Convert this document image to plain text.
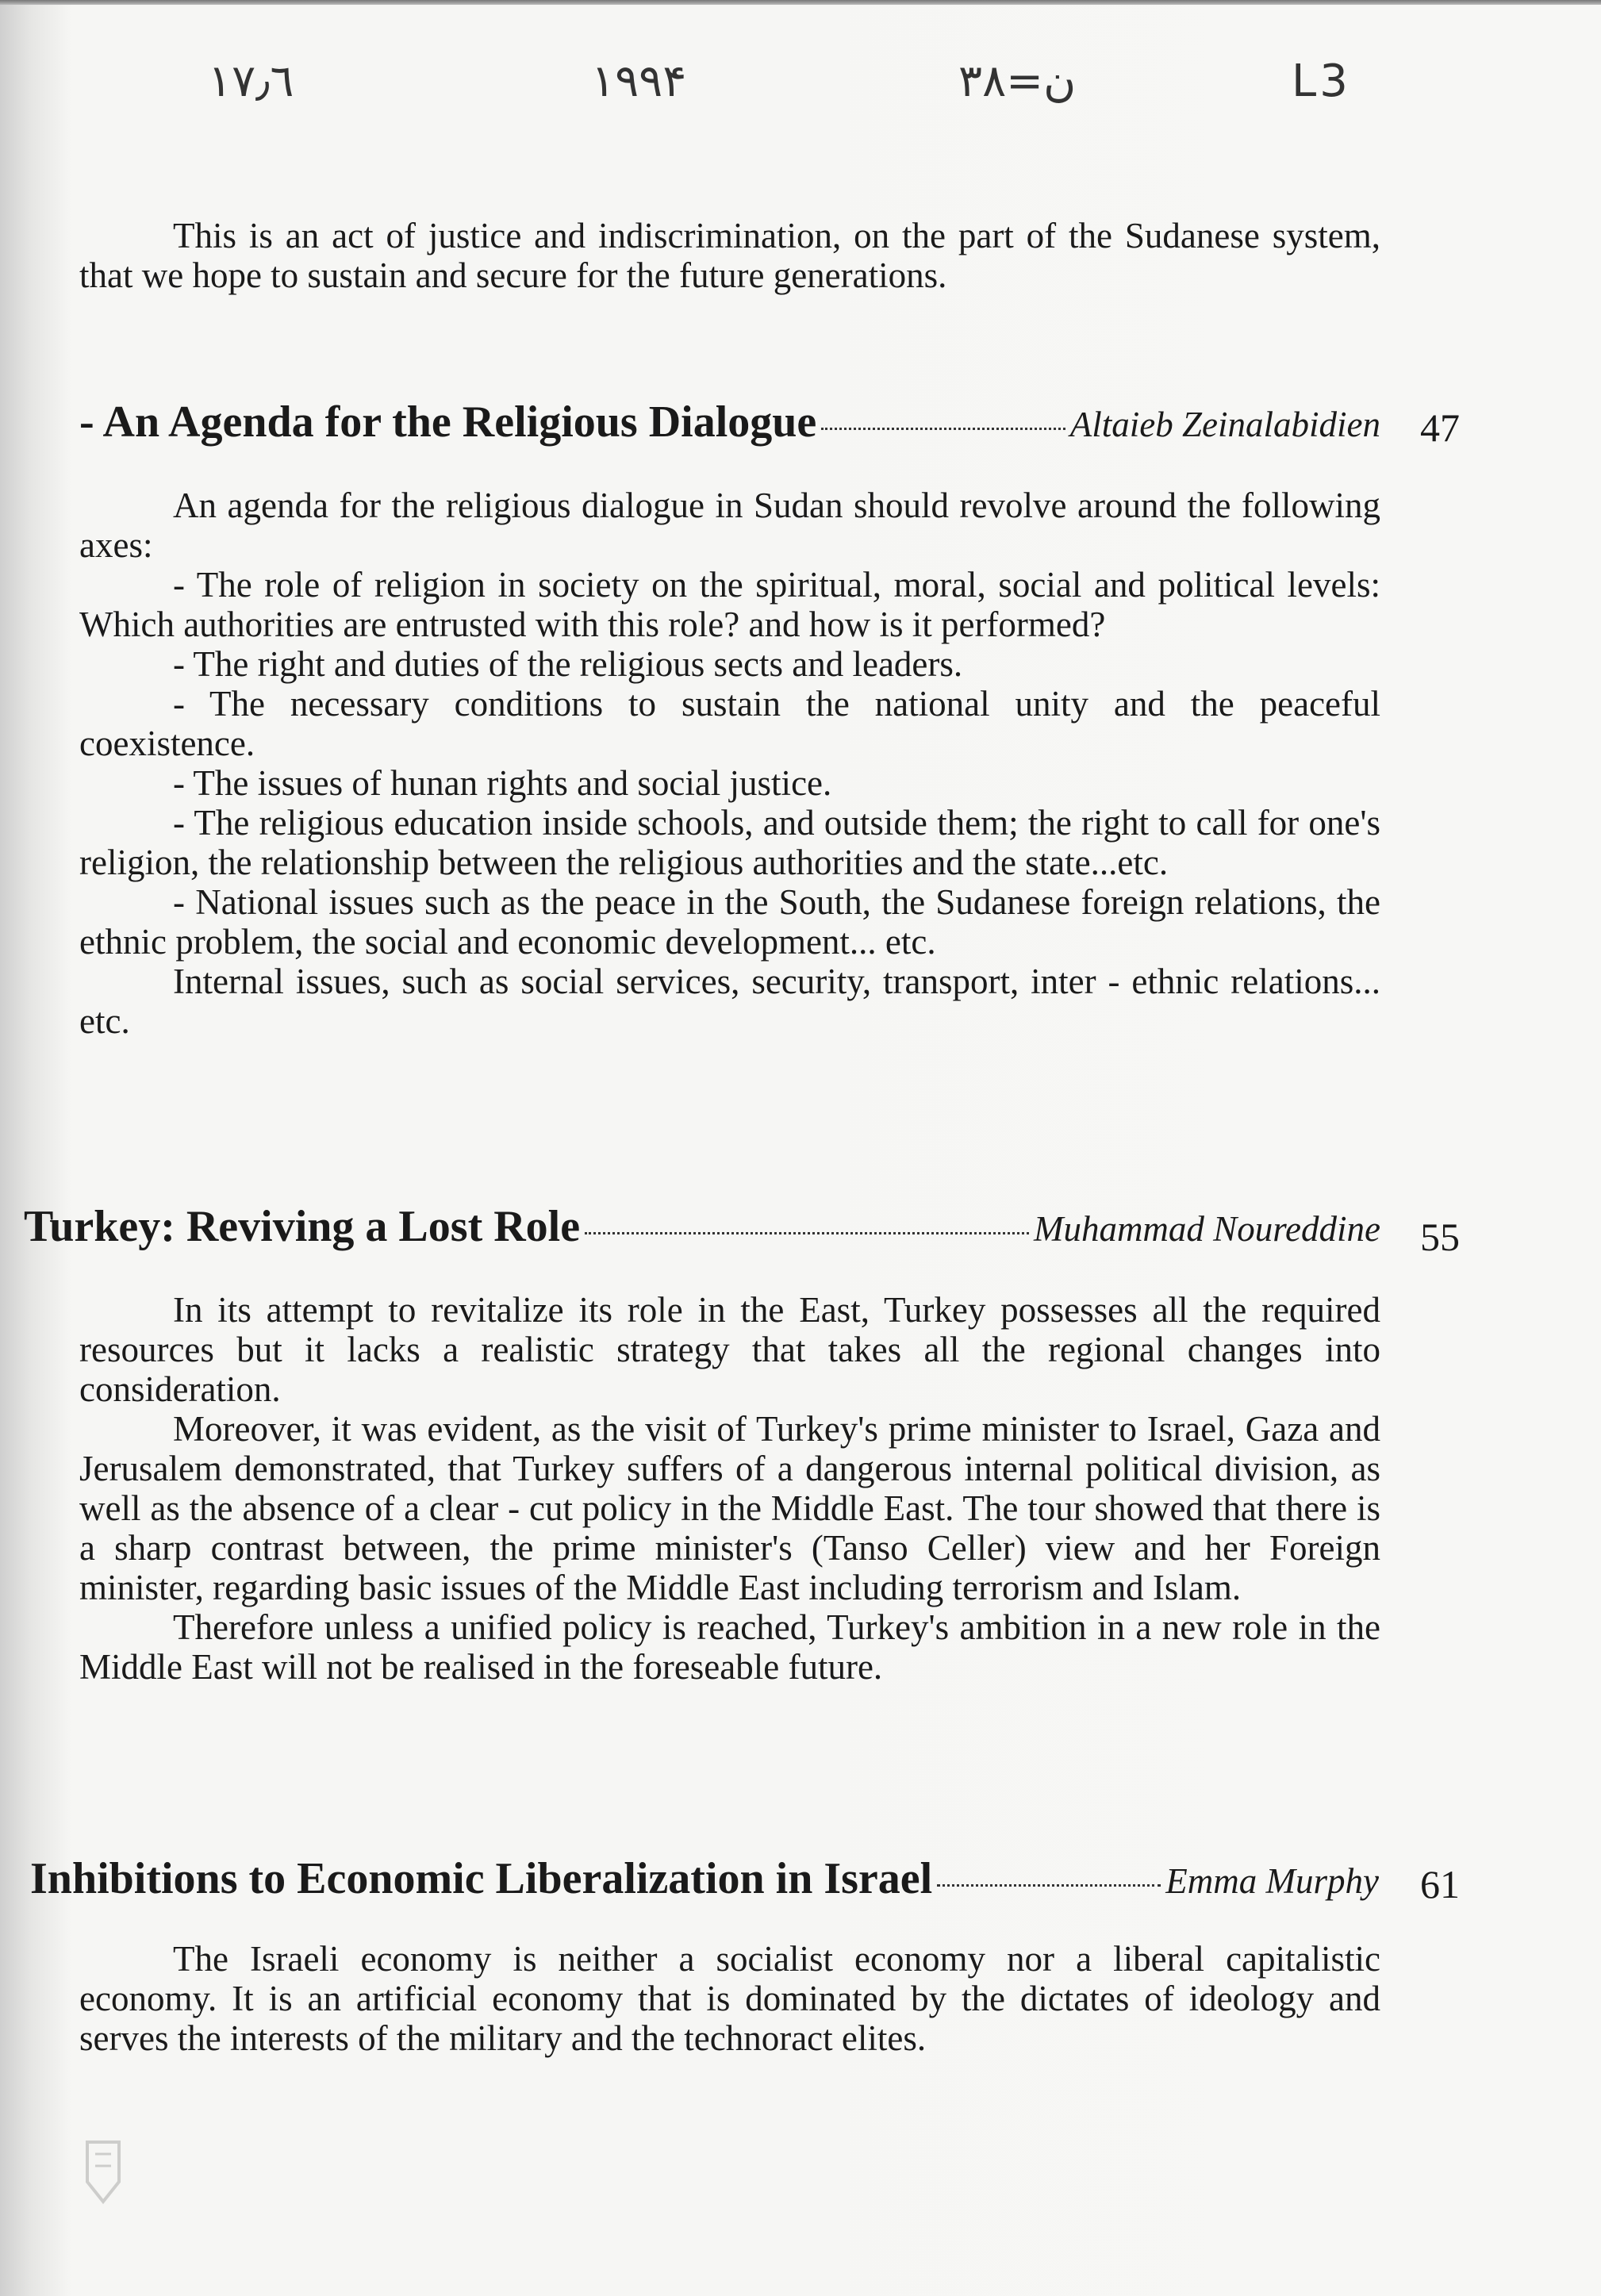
١۷٫٦	١٩٩۴	ن=٣٨	L3

This is an act of justice and indiscrimination, on the part of the Sudanese system, that we hope to sustain and secure for the future generations.

- An Agenda for the Religious Dialogue	Altaieb Zeinalabidien 47

An agenda for the religious dialogue in Sudan should revolve around the following axes:

- The role of religion in society on the spiritual, moral, social and political levels: Which authorities are entrusted with this role? and how is it performed?

- The right and duties of the religious sects and leaders.

- The necessary conditions to sustain the national unity and the peaceful coexistence.

- The issues of hunan rights and social justice.

- The religious education inside schools, and outside them; the right to call for one's religion, the relationship between the religious authorities and the state...etc.

- National issues such as the peace in the South, the Sudanese foreign relations, the ethnic problem, the social and economic development... etc.

Internal issues, such as social services, security, transport, inter - ethnic relations... etc.

Turkey: Reviving a Lost Role	Muhammad Noureddine 55

In its attempt to revitalize its role in the East, Turkey possesses all the required resources but it lacks a realistic strategy that takes all the regional changes into consideration.

Moreover, it was evident, as the visit of Turkey's prime minister to Israel, Gaza and Jerusalem demonstrated, that Turkey suffers of a dangerous internal political division, as well as the absence of a clear - cut policy in the Middle East. The tour showed that there is a sharp contrast between, the prime minister's (Tanso Celler) view and her Foreign minister, regarding basic issues of the Middle East including terrorism and Islam.

Therefore unless a unified policy is reached, Turkey's ambition in a new role in the Middle East will not be realised in the foreseable future.

Inhibitions to Economic Liberalization in Israel	Emma Murphy 61

The Israeli economy is neither a socialist economy nor a liberal capitalistic economy. It is an artificial economy that is dominated by the dictates of ideology and serves the interests of the military and the technoract elites.
